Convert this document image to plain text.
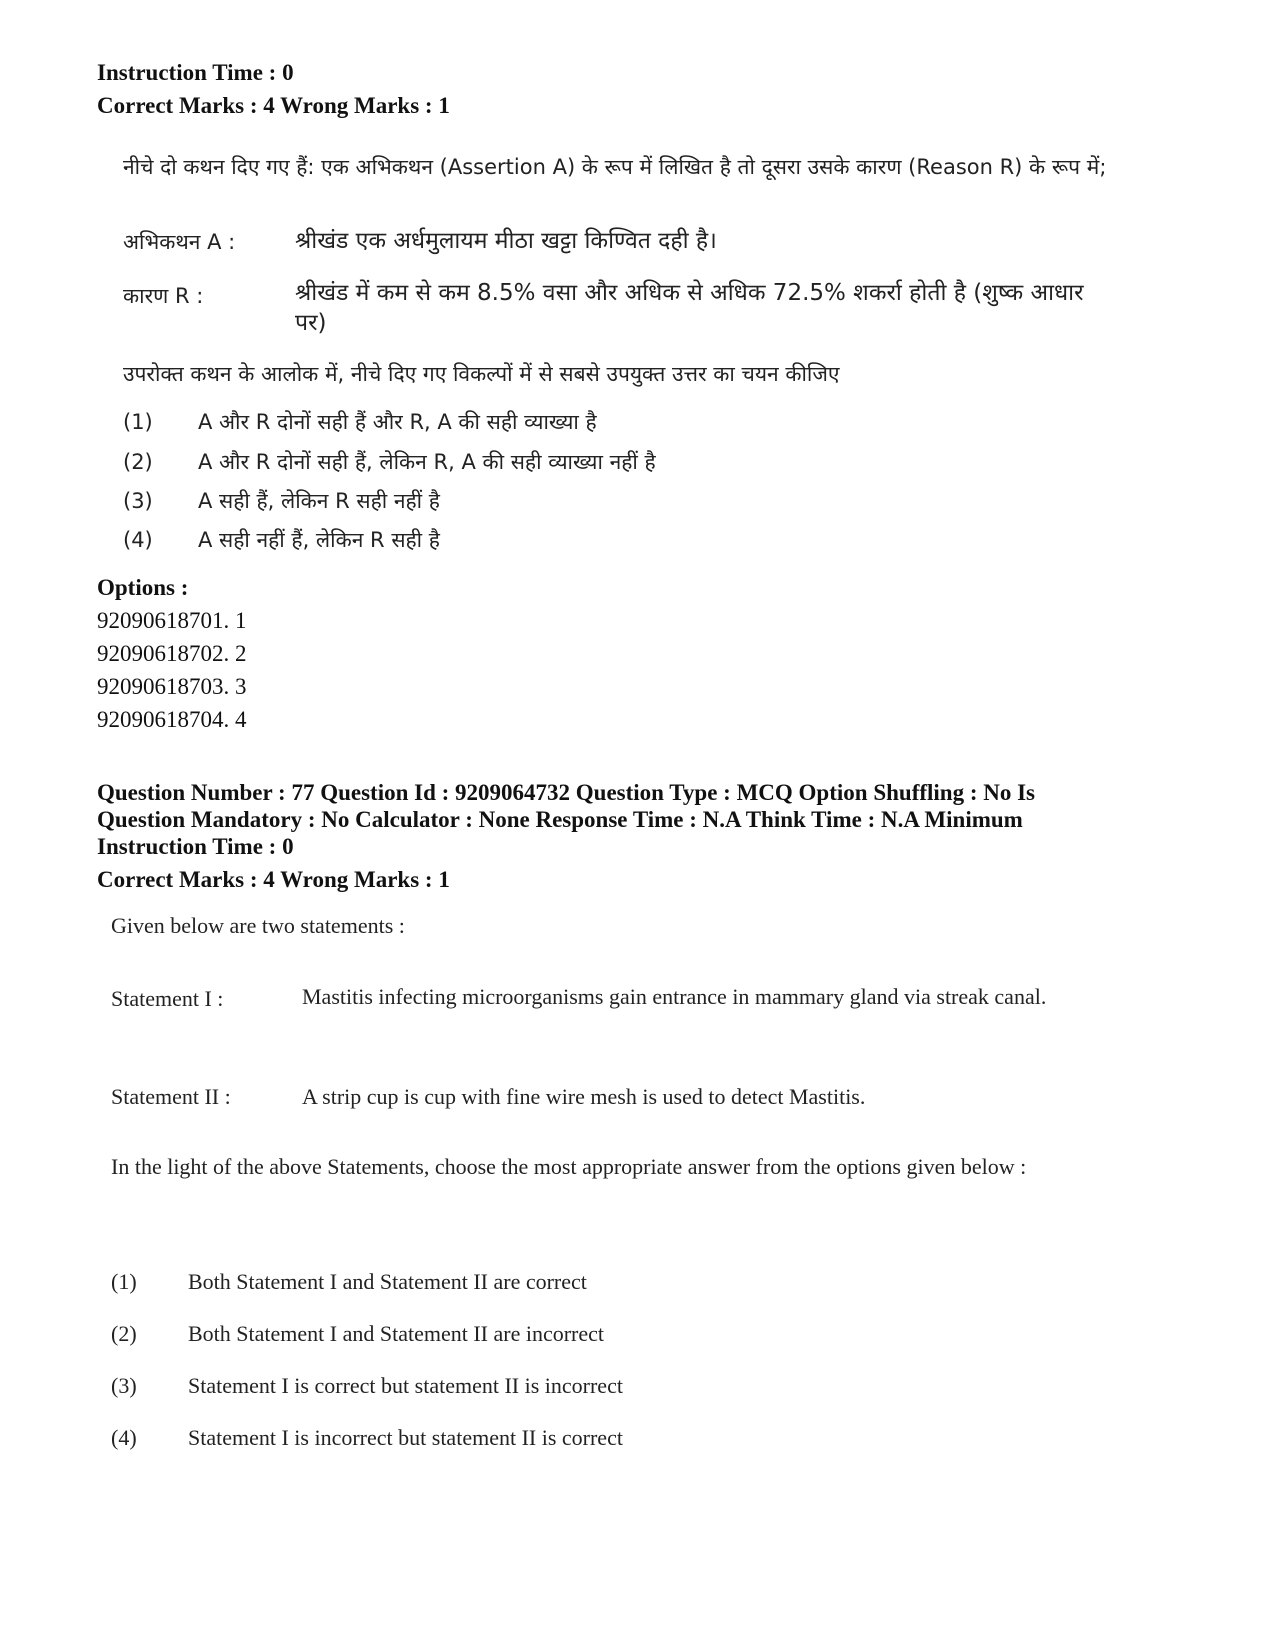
Instruction Time : 0
Correct Marks : 4 Wrong Marks : 1
नीचे दो कथन दिए गए हैं: एक अभिकथन (Assertion A) के रूप में लिखित है तो दूसरा उसके कारण (Reason R) के रूप में;
अभिकथन A :	श्रीखंड एक अर्धमुलायम मीठा खट्टा किण्वित दही है।
कारण R :	श्रीखंड में कम से कम 8.5% वसा और अधिक से अधिक 72.5% शकर्रा होती है (शुष्क आधार पर)
उपरोक्त कथन के आलोक में, नीचे दिए गए विकल्पों में से सबसे उपयुक्त उत्तर का चयन कीजिए
(1) A और R दोनों सही हैं और R, A की सही व्याख्या है
(2) A और R दोनों सही हैं, लेकिन R, A की सही व्याख्या नहीं है
(3) A सही हैं, लेकिन R सही नहीं है
(4) A सही नहीं हैं, लेकिन R सही है
Options :
92090618701. 1
92090618702. 2
92090618703. 3
92090618704. 4
Question Number : 77 Question Id : 9209064732 Question Type : MCQ Option Shuffling : No Is
Question Mandatory : No Calculator : None Response Time : N.A Think Time : N.A Minimum
Instruction Time : 0
Correct Marks : 4 Wrong Marks : 1
Given below are two statements :
Statement I :	Mastitis infecting microorganisms gain entrance in mammary gland via streak canal.
Statement II :	A strip cup is cup with fine wire mesh is used to detect Mastitis.
In the light of the above Statements, choose the most appropriate answer from the options given below :
(1) Both Statement I and Statement II are correct
(2) Both Statement I and Statement II are incorrect
(3) Statement I is correct but statement II is incorrect
(4) Statement I is incorrect but statement II is correct
